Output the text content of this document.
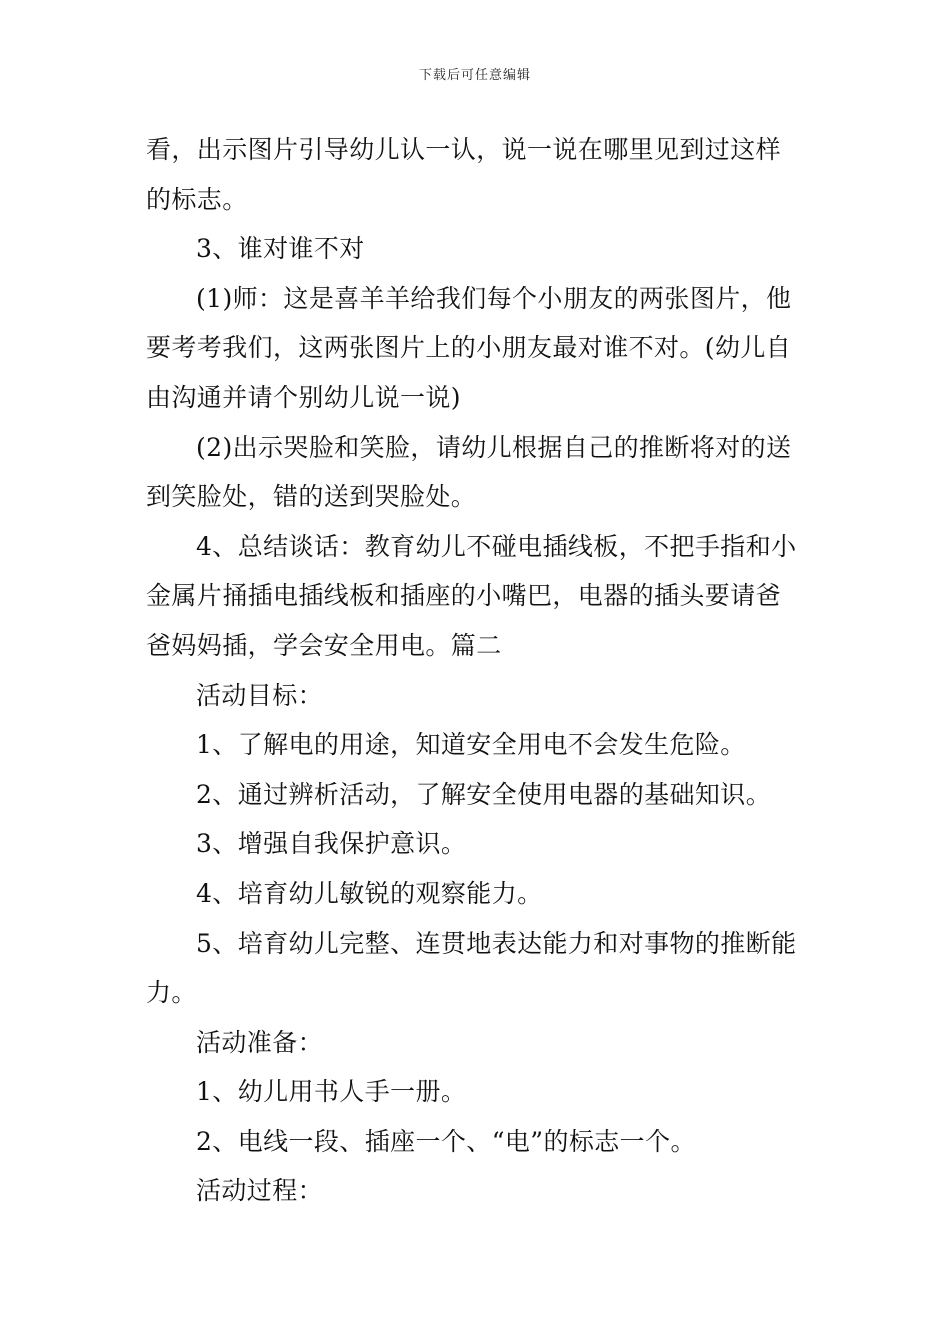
下载后可任意编辑
看，出示图片引导幼儿认一认，说一说在哪里见到过这样
的标志。
3、谁对谁不对
(1)师：这是喜羊羊给我们每个小朋友的两张图片，他
要考考我们，这两张图片上的小朋友最对谁不对。(幼儿自
由沟通并请个别幼儿说一说)
(2)出示哭脸和笑脸，请幼儿根据自己的推断将对的送
到笑脸处，错的送到哭脸处。
4、总结谈话：教育幼儿不碰电插线板，不把手指和小
金属片捅插电插线板和插座的小嘴巴，电器的插头要请爸
爸妈妈插，学会安全用电。篇二
活动目标：
1、了解电的用途，知道安全用电不会发生危险。
2、通过辨析活动，了解安全使用电器的基础知识。
3、增强自我保护意识。
4、培育幼儿敏锐的观察能力。
5、培育幼儿完整、连贯地表达能力和对事物的推断能
力。
活动准备：
1、幼儿用书人手一册。
2、电线一段、插座一个、“电”的标志一个。
活动过程：
